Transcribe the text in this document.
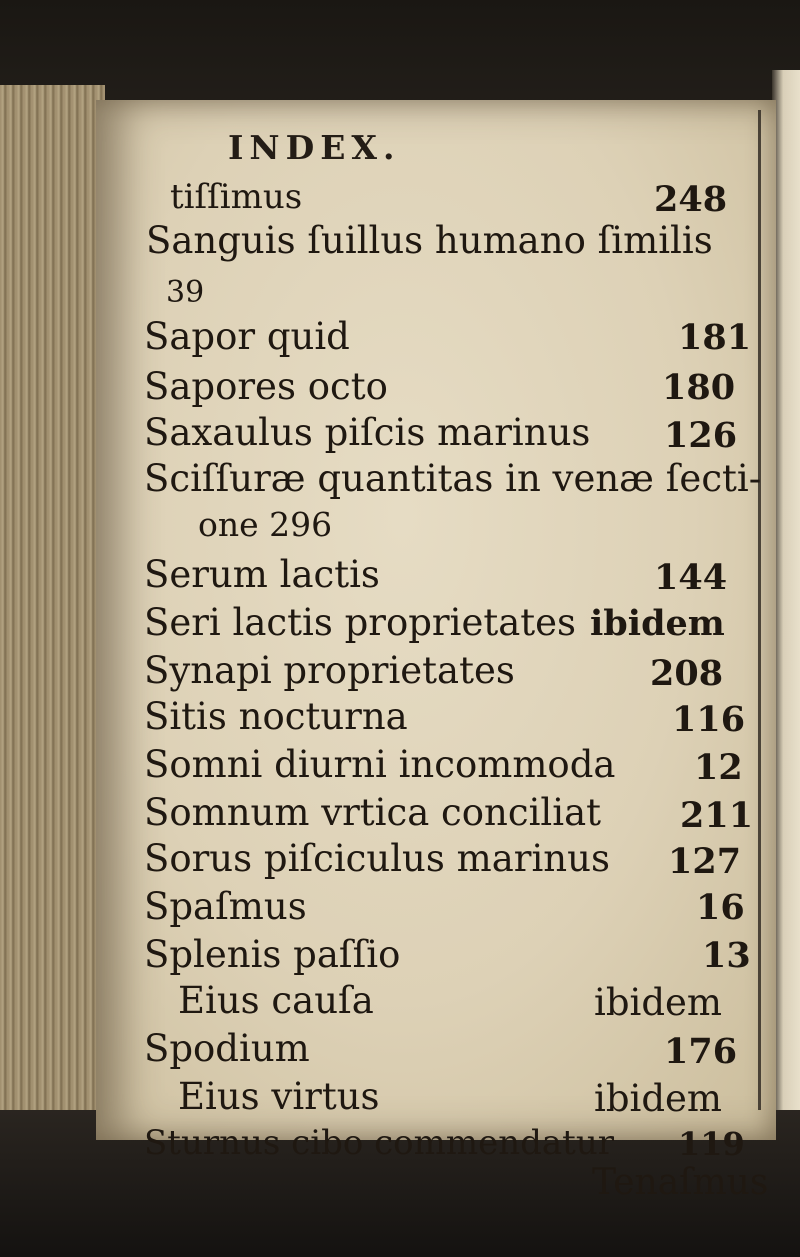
INDEX.
tiſſimus	248
Sanguis ſuillus humano ſimilis
39
Sapor quid	181
Sapores octo	180
Saxaulus piſcis marinus 126
Sciſſuræ quantitas in venæ ſecti-
one 296
Serum lactis	144
Seri lactis proprietates ibidem
Synapi proprietates	208
Sitis nocturna	116
Somni diurni incommoda 12
Somnum vrtica conciliat 211
Sorus piſciculus marinus 127
Spaſmus	16
Splenis paſſio	13
Eius cauſa	ibidem
Spodium	176
Eius virtus	ibidem
Sturnus cibo commendatur 119
Tenaſmus
